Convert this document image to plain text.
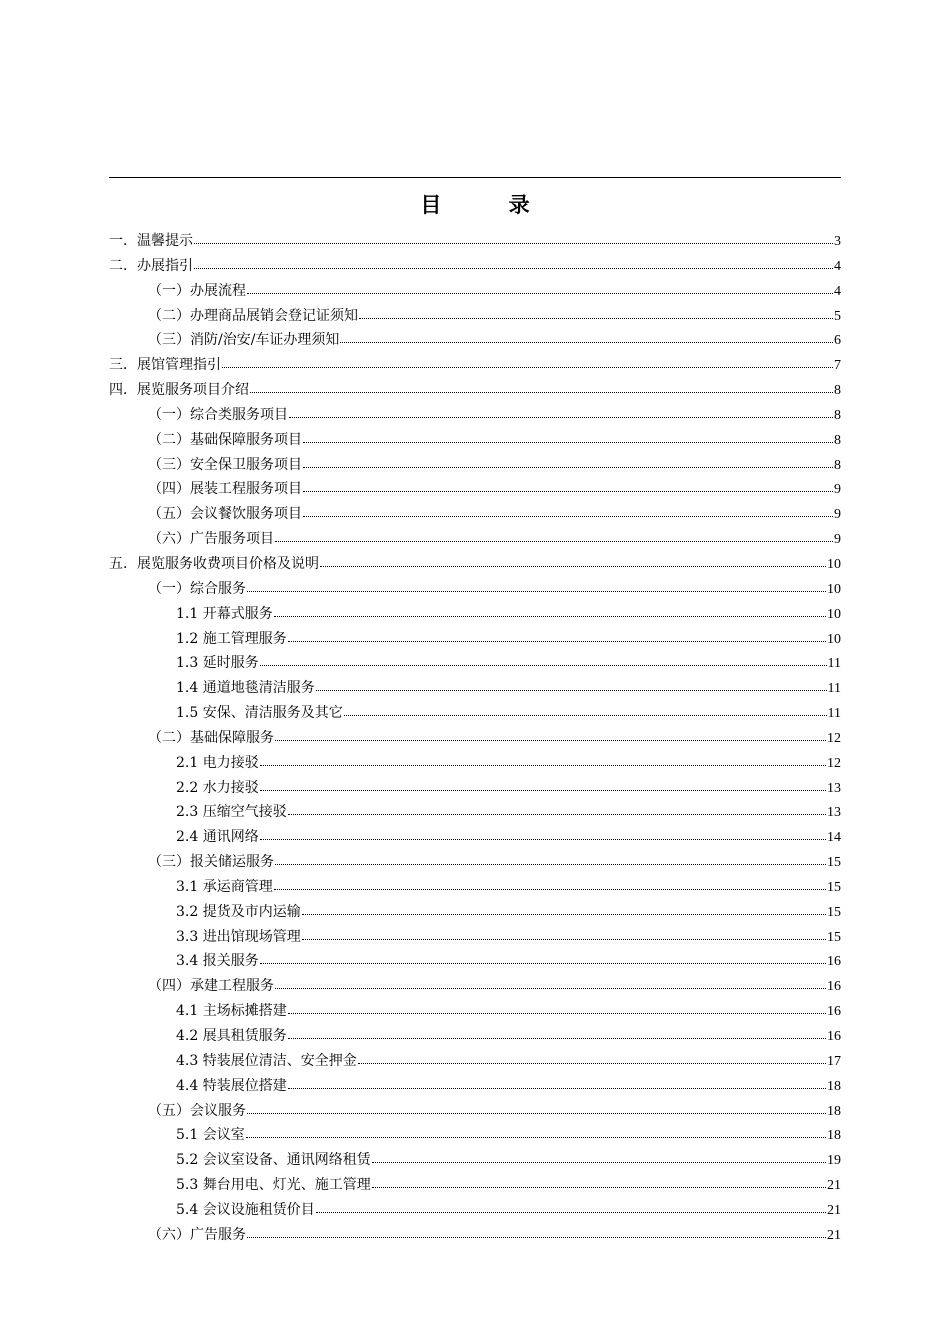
目 录
一．温馨提示	3
二．办展指引	4
（一）办展流程	4
（二）办理商品展销会登记证须知	5
（三）消防/治安/车证办理须知	6
三．展馆管理指引	7
四．展览服务项目介绍	8
（一）综合类服务项目	8
（二）基础保障服务项目	8
（三）安全保卫服务项目	8
（四）展装工程服务项目	9
（五）会议餐饮服务项目	9
（六）广告服务项目	9
五．展览服务收费项目价格及说明	10
（一）综合服务	10
1.1 开幕式服务	10
1.2 施工管理服务	10
1.3 延时服务	11
1.4 通道地毯清洁服务	11
1.5 安保、清洁服务及其它	11
（二）基础保障服务	12
2.1 电力接驳	12
2.2 水力接驳	13
2.3 压缩空气接驳	13
2.4 通讯网络	14
（三）报关储运服务	15
3.1 承运商管理	15
3.2 提货及市内运输	15
3.3 进出馆现场管理	15
3.4 报关服务	16
（四）承建工程服务	16
4.1 主场标摊搭建	16
4.2 展具租赁服务	16
4.3 特装展位清洁、安全押金	17
4.4 特装展位搭建	18
（五）会议服务	18
5.1 会议室	18
5.2 会议室设备、通讯网络租赁	19
5.3 舞台用电、灯光、施工管理	21
5.4 会议设施租赁价目	21
（六）广告服务	21
